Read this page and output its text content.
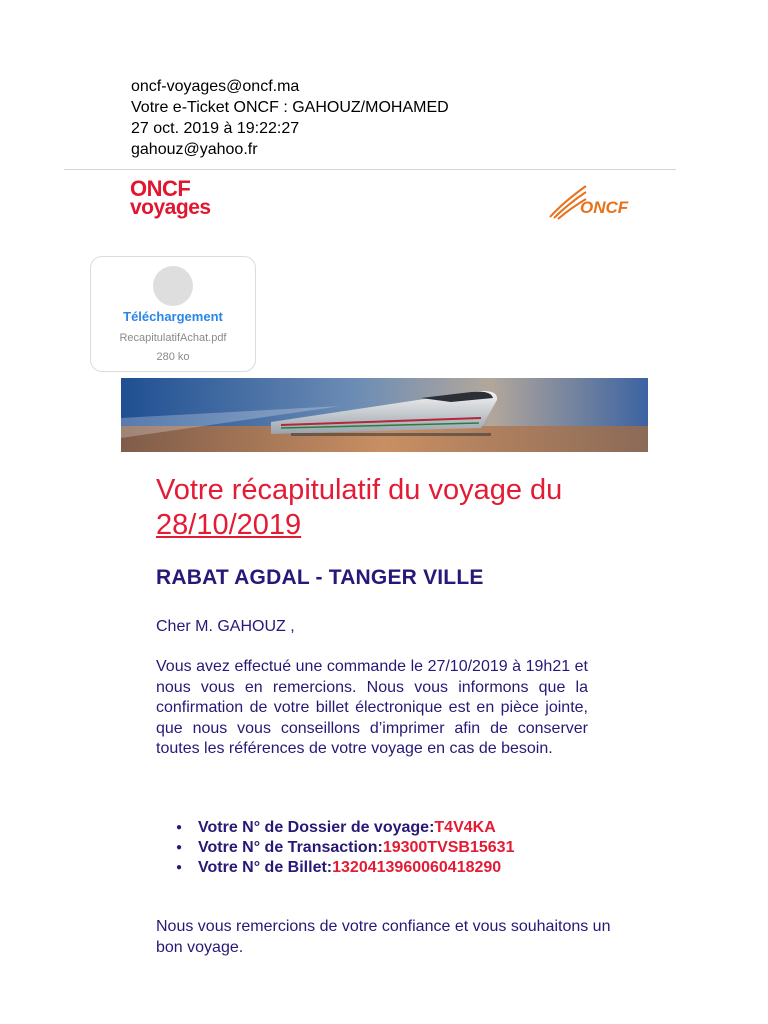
oncf-voyages@oncf.ma
Votre e-Ticket ONCF : GAHOUZ/MOHAMED
27 oct. 2019 à 19:22:27
gahouz@yahoo.fr
ONCF
voyages	ONCF
Téléchargement
RecapitulatifAchat.pdf
280 ko
Votre récapitulatif du voyage du
28/10/2019
RABAT AGDAL - TANGER VILLE
Cher M. GAHOUZ ,
Vous avez effectué une commande le 27/10/2019 à 19h21 et nous vous en remercions. Nous vous informons que la confirmation de votre billet électronique est en pièce jointe, que nous vous conseillons d’imprimer afin de conserver toutes les références de votre voyage en cas de besoin.
● Votre N° de Dossier de voyage:T4V4KA
● Votre N° de Transaction:19300TVSB15631
● Votre N° de Billet:1320413960060418290
Nous vous remercions de votre confiance et vous souhaitons un bon voyage.
